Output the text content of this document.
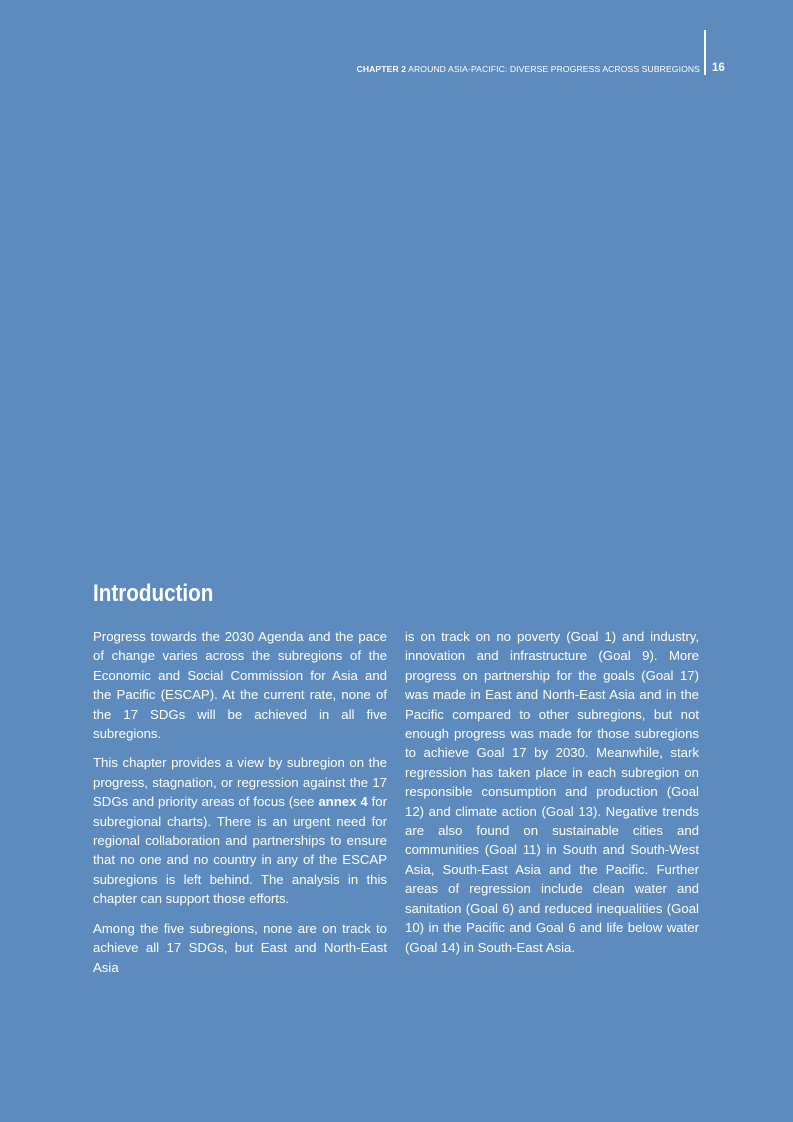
CHAPTER 2 AROUND ASIA-PACIFIC: DIVERSE PROGRESS ACROSS SUBREGIONS 16
Introduction

Progress towards the 2030 Agenda and the pace of change varies across the subregions of the Economic and Social Commission for Asia and the Pacific (ESCAP). At the current rate, none of the 17 SDGs will be achieved in all five subregions.

This chapter provides a view by subregion on the progress, stagnation, or regression against the 17 SDGs and priority areas of focus (see annex 4 for subregional charts). There is an urgent need for regional collaboration and partnerships to ensure that no one and no country in any of the ESCAP subregions is left behind. The analysis in this chapter can support those efforts.

Among the five subregions, none are on track to achieve all 17 SDGs, but East and North-East Asia

is on track on no poverty (Goal 1) and industry, innovation and infrastructure (Goal 9). More progress on partnership for the goals (Goal 17) was made in East and North-East Asia and in the Pacific compared to other subregions, but not enough progress was made for those subregions to achieve Goal 17 by 2030. Meanwhile, stark regression has taken place in each subregion on responsible consumption and production (Goal 12) and climate action (Goal 13). Negative trends are also found on sustainable cities and communities (Goal 11) in South and South-West Asia, South-East Asia and the Pacific. Further areas of regression include clean water and sanitation (Goal 6) and reduced inequalities (Goal 10) in the Pacific and Goal 6 and life below water (Goal 14) in South-East Asia.
